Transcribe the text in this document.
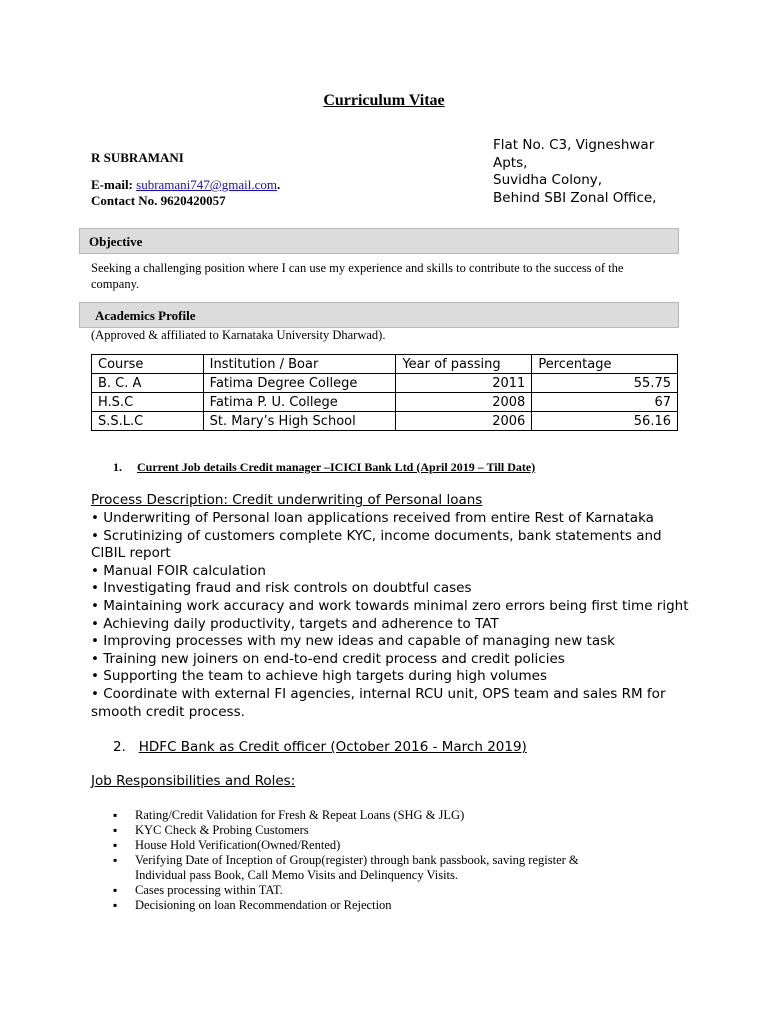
Curriculum Vitae
R SUBRAMANI
E-mail: subramani747@gmail.com.
Contact No. 9620420057
Flat No. C3, Vigneshwar
Apts,
Suvidha Colony,
Behind SBI Zonal Office,
Objective
Seeking a challenging position where I can use my experience and skills to contribute to the success of the company.
Academics Profile
(Approved & affiliated to Karnataka University Dharwad).
Course	Institution / Boar	Year of passing	Percentage
B. C. A	Fatima Degree College	2011	55.75
H.S.C	Fatima P. U. College	2008	67
S.S.L.C	St. Mary’s High School	2006	56.16
1. Current Job details Credit manager –ICICI Bank Ltd (April 2019 – Till Date)
Process Description: Credit underwriting of Personal loans
• Underwriting of Personal loan applications received from entire Rest of Karnataka
• Scrutinizing of customers complete KYC, income documents, bank statements and CIBIL report
• Manual FOIR calculation
• Investigating fraud and risk controls on doubtful cases
• Maintaining work accuracy and work towards minimal zero errors being first time right
• Achieving daily productivity, targets and adherence to TAT
• Improving processes with my new ideas and capable of managing new task
• Training new joiners on end-to-end credit process and credit policies
• Supporting the team to achieve high targets during high volumes
• Coordinate with external FI agencies, internal RCU unit, OPS team and sales RM for smooth credit process.
2. HDFC Bank as Credit officer (October 2016 - March 2019)
Job Responsibilities and Roles:
▪ Rating/Credit Validation for Fresh & Repeat Loans (SHG & JLG)
▪ KYC Check & Probing Customers
▪ House Hold Verification(Owned/Rented)
▪ Verifying Date of Inception of Group(register) through bank passbook, saving register & Individual pass Book, Call Memo Visits and Delinquency Visits.
▪ Cases processing within TAT.
▪ Decisioning on loan Recommendation or Rejection
